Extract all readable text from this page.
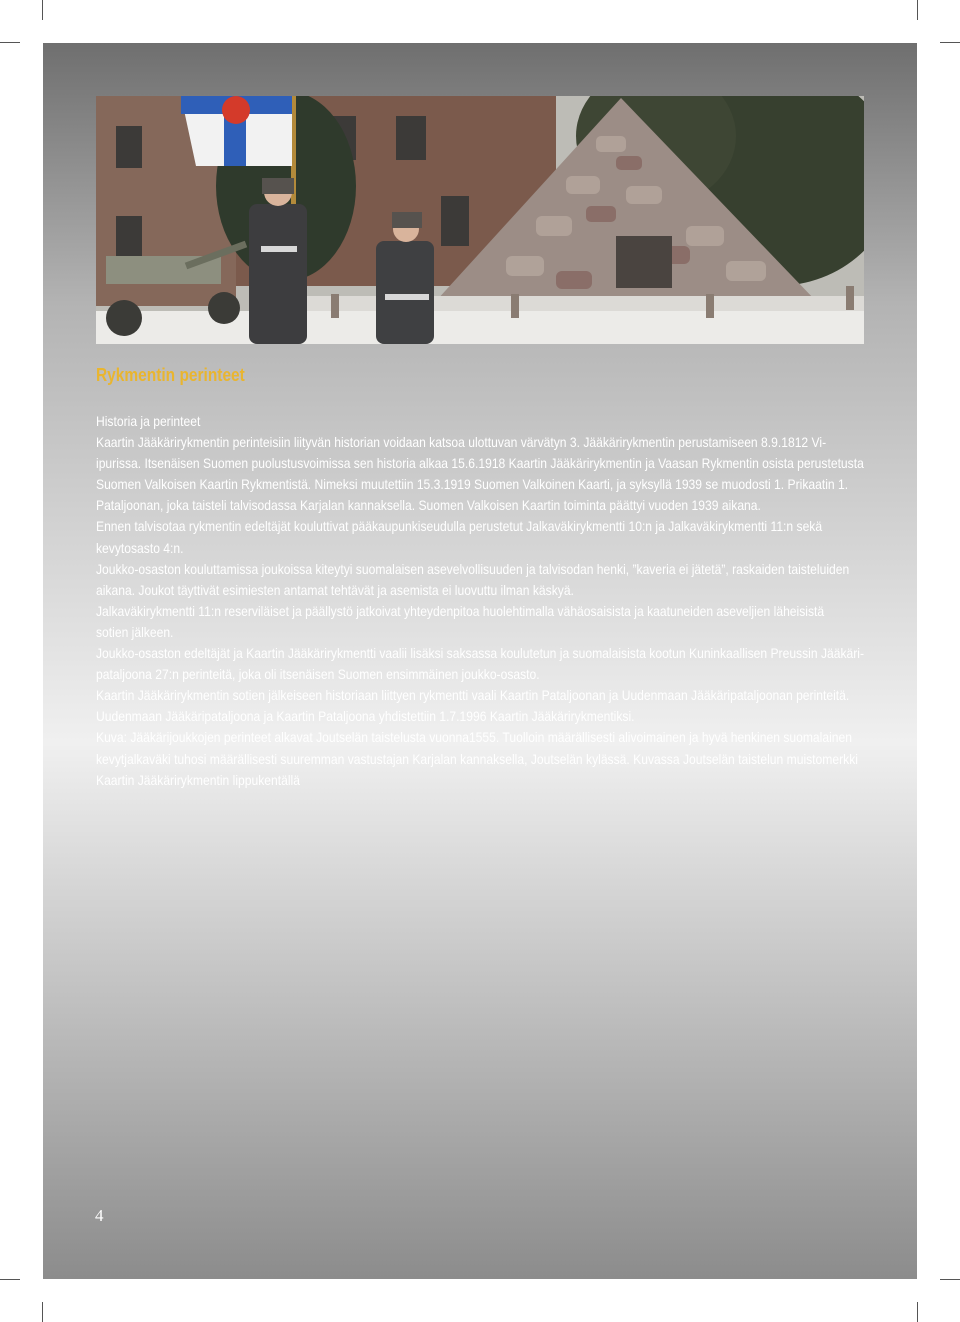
Rykmentin perinteet
Historia ja perinteet
Kaartin Jääkärirykmentin perinteisiin liityvän historian voidaan katsoa ulottuvan värvätyn 3. Jääkärirykmentin perustamiseen 8.9.1812 Vi-
ipurissa. Itsenäisen Suomen puolustusvoimissa sen historia alkaa 15.6.1918 Kaartin Jääkärirykmentin ja Vaasan Rykmentin osista perustetusta
Suomen Valkoisen Kaartin Rykmentistä. Nimeksi muutettiin 15.3.1919 Suomen Valkoinen Kaarti, ja syksyllä 1939 se muodosti 1. Prikaatin 1.
Pataljoonan, joka taisteli talvisodassa Karjalan kannaksella. Suomen Valkoisen Kaartin toiminta päättyi vuoden 1939 aikana.
Ennen talvisotaa rykmentin edeltäjät kouluttivat pääkaupunkiseudulla perustetut Jalkaväkirykmentti 10:n ja Jalkaväkirykmentti 11:n sekä
kevytosasto 4:n.
Joukko-osaston kouluttamissa joukoissa kiteytyi suomalaisen asevelvollisuuden ja talvisodan henki, ”kaveria ei jätetä”, raskaiden taisteluiden
aikana. Joukot täyttivät esimiesten antamat tehtävät ja asemista ei luovuttu ilman käskyä.
Jalkaväkirykmentti 11:n reserviläiset ja päällystö jatkoivat yhteydenpitoa huolehtimalla vähäosaisista ja kaatuneiden aseveljien läheisistä
sotien jälkeen.
Joukko-osaston edeltäjät ja Kaartin Jääkärirykmentti vaalii lisäksi saksassa koulutetun ja suomalaisista kootun Kuninkaallisen Preussin Jääkäri-
pataljoona 27:n perinteitä, joka oli itsenäisen Suomen ensimmäinen joukko-osasto.
Kaartin Jääkärirykmentin sotien jälkeiseen historiaan liittyen rykmentti vaali Kaartin Pataljoonan ja Uudenmaan Jääkäripataljoonan perinteitä.
Uudenmaan Jääkäripataljoona ja Kaartin Pataljoona yhdistettiin 1.7.1996 Kaartin Jääkärirykmentiksi.
Kuva: Jääkärijoukkojen perinteet alkavat Joutselän taistelusta vuonna1555. Tuolloin määrällisesti alivoimainen ja hyvä henkinen suomalainen
kevytjalkaväki tuhosi määrällisesti suuremman vastustajan Karjalan kannaksella, Joutselän kylässä. Kuvassa Joutselän taistelun muistomerkki
Kaartin Jääkärirykmentin lippukentällä
4
